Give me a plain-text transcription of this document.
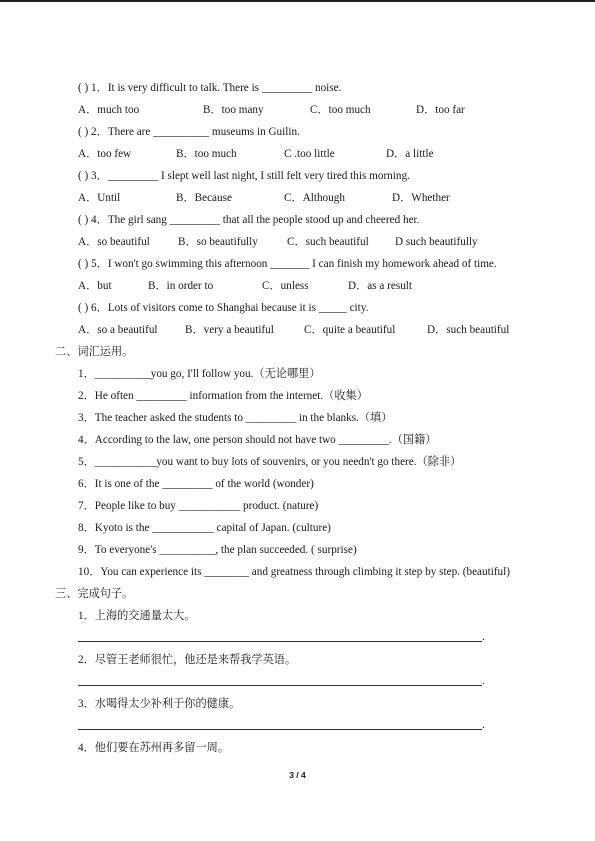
( ) 1．It is very difficult to talk. There is _________ noise.
A．much too	B．too many	C．too much	D．too far
( ) 2．There are __________ museums in Guilin.
A．too few	B．too much	C .too little	D．a little
( ) 3．_________ I slept well last night, I still felt very tired this morning.
A．Until	B．Because	C．Although	D．Whether
( ) 4．The girl sang _________ that all the people stood up and cheered her.
A．so beautiful	B．so beautifully	C．such beautiful D such beautifully
( ) 5．I won't go swimming this afternoon _______ I can finish my homework ahead of time.
A．but	B．in order to	C．unless	D．as a result
( ) 6．Lots of visitors come to Shanghai because it is _____ city.
A．so a beautiful B．very a beautiful	C．quite a beautiful	D．such beautiful
二、词汇运用。
1．__________you go, I'll follow you.（无论哪里）
2．He often _________ information from the internet.（收集）
3．The teacher asked the students to _________ in the blanks.（填）
4．According to the law, one person should not have two _________.（国籍）
5．___________you want to buy lots of souvenirs, or you needn't go there.（除非）
6．It is one of the _________ of the world (wonder)
7．People like to buy ___________ product. (nature)
8．Kyoto is the ___________ capital of Japan. (culture)
9．To everyone's __________, the plan succeeded. ( surprise)
10．You can experience its ________ and greatness through climbing it step by step. (beautiful)
三、完成句子。
1．上海的交通量太大。
.
2．尽管王老师很忙，他还是来帮我学英语。
.
3．水喝得太少补利于你的健康。
.
4．他们要在苏州再多留一周。
3 / 4
